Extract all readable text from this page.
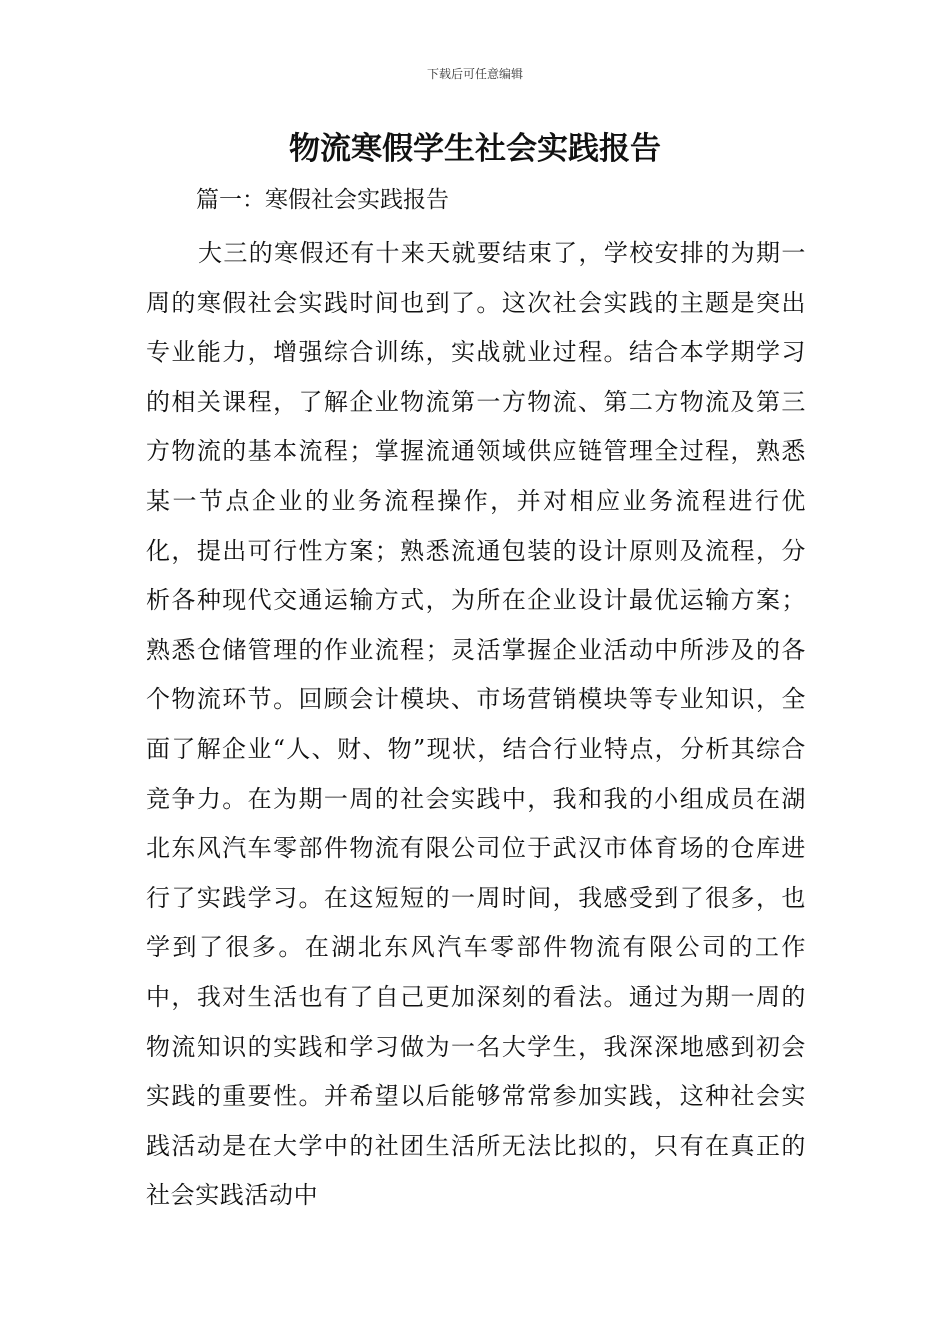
下载后可任意编辑
物流寒假学生社会实践报告
篇一：寒假社会实践报告

大三的寒假还有十来天就要结束了，学校安排的为期一周的寒假社会实践时间也到了。这次社会实践的主题是突出专业能力，增强综合训练，实战就业过程。结合本学期学习的相关课程，了解企业物流第一方物流、第二方物流及第三方物流的基本流程；掌握流通领域供应链管理全过程，熟悉某一节点企业的业务流程操作，并对相应业务流程进行优化，提出可行性方案；熟悉流通包装的设计原则及流程，分析各种现代交通运输方式，为所在企业设计最优运输方案；熟悉仓储管理的作业流程；灵活掌握企业活动中所涉及的各个物流环节。回顾会计模块、市场营销模块等专业知识，全面了解企业“人、财、物”现状，结合行业特点，分析其综合竞争力。在为期一周的社会实践中，我和我的小组成员在湖北东风汽车零部件物流有限公司位于武汉市体育场的仓库进行了实践学习。在这短短的一周时间，我感受到了很多，也学到了很多。在湖北东风汽车零部件物流有限公司的工作中，我对生活也有了自己更加深刻的看法。通过为期一周的物流知识的实践和学习做为一名大学生，我深深地感到初会实践的重要性。并希望以后能够常常参加实践，这种社会实践活动是在大学中的社团生活所无法比拟的，只有在真正的社会实践活动中
